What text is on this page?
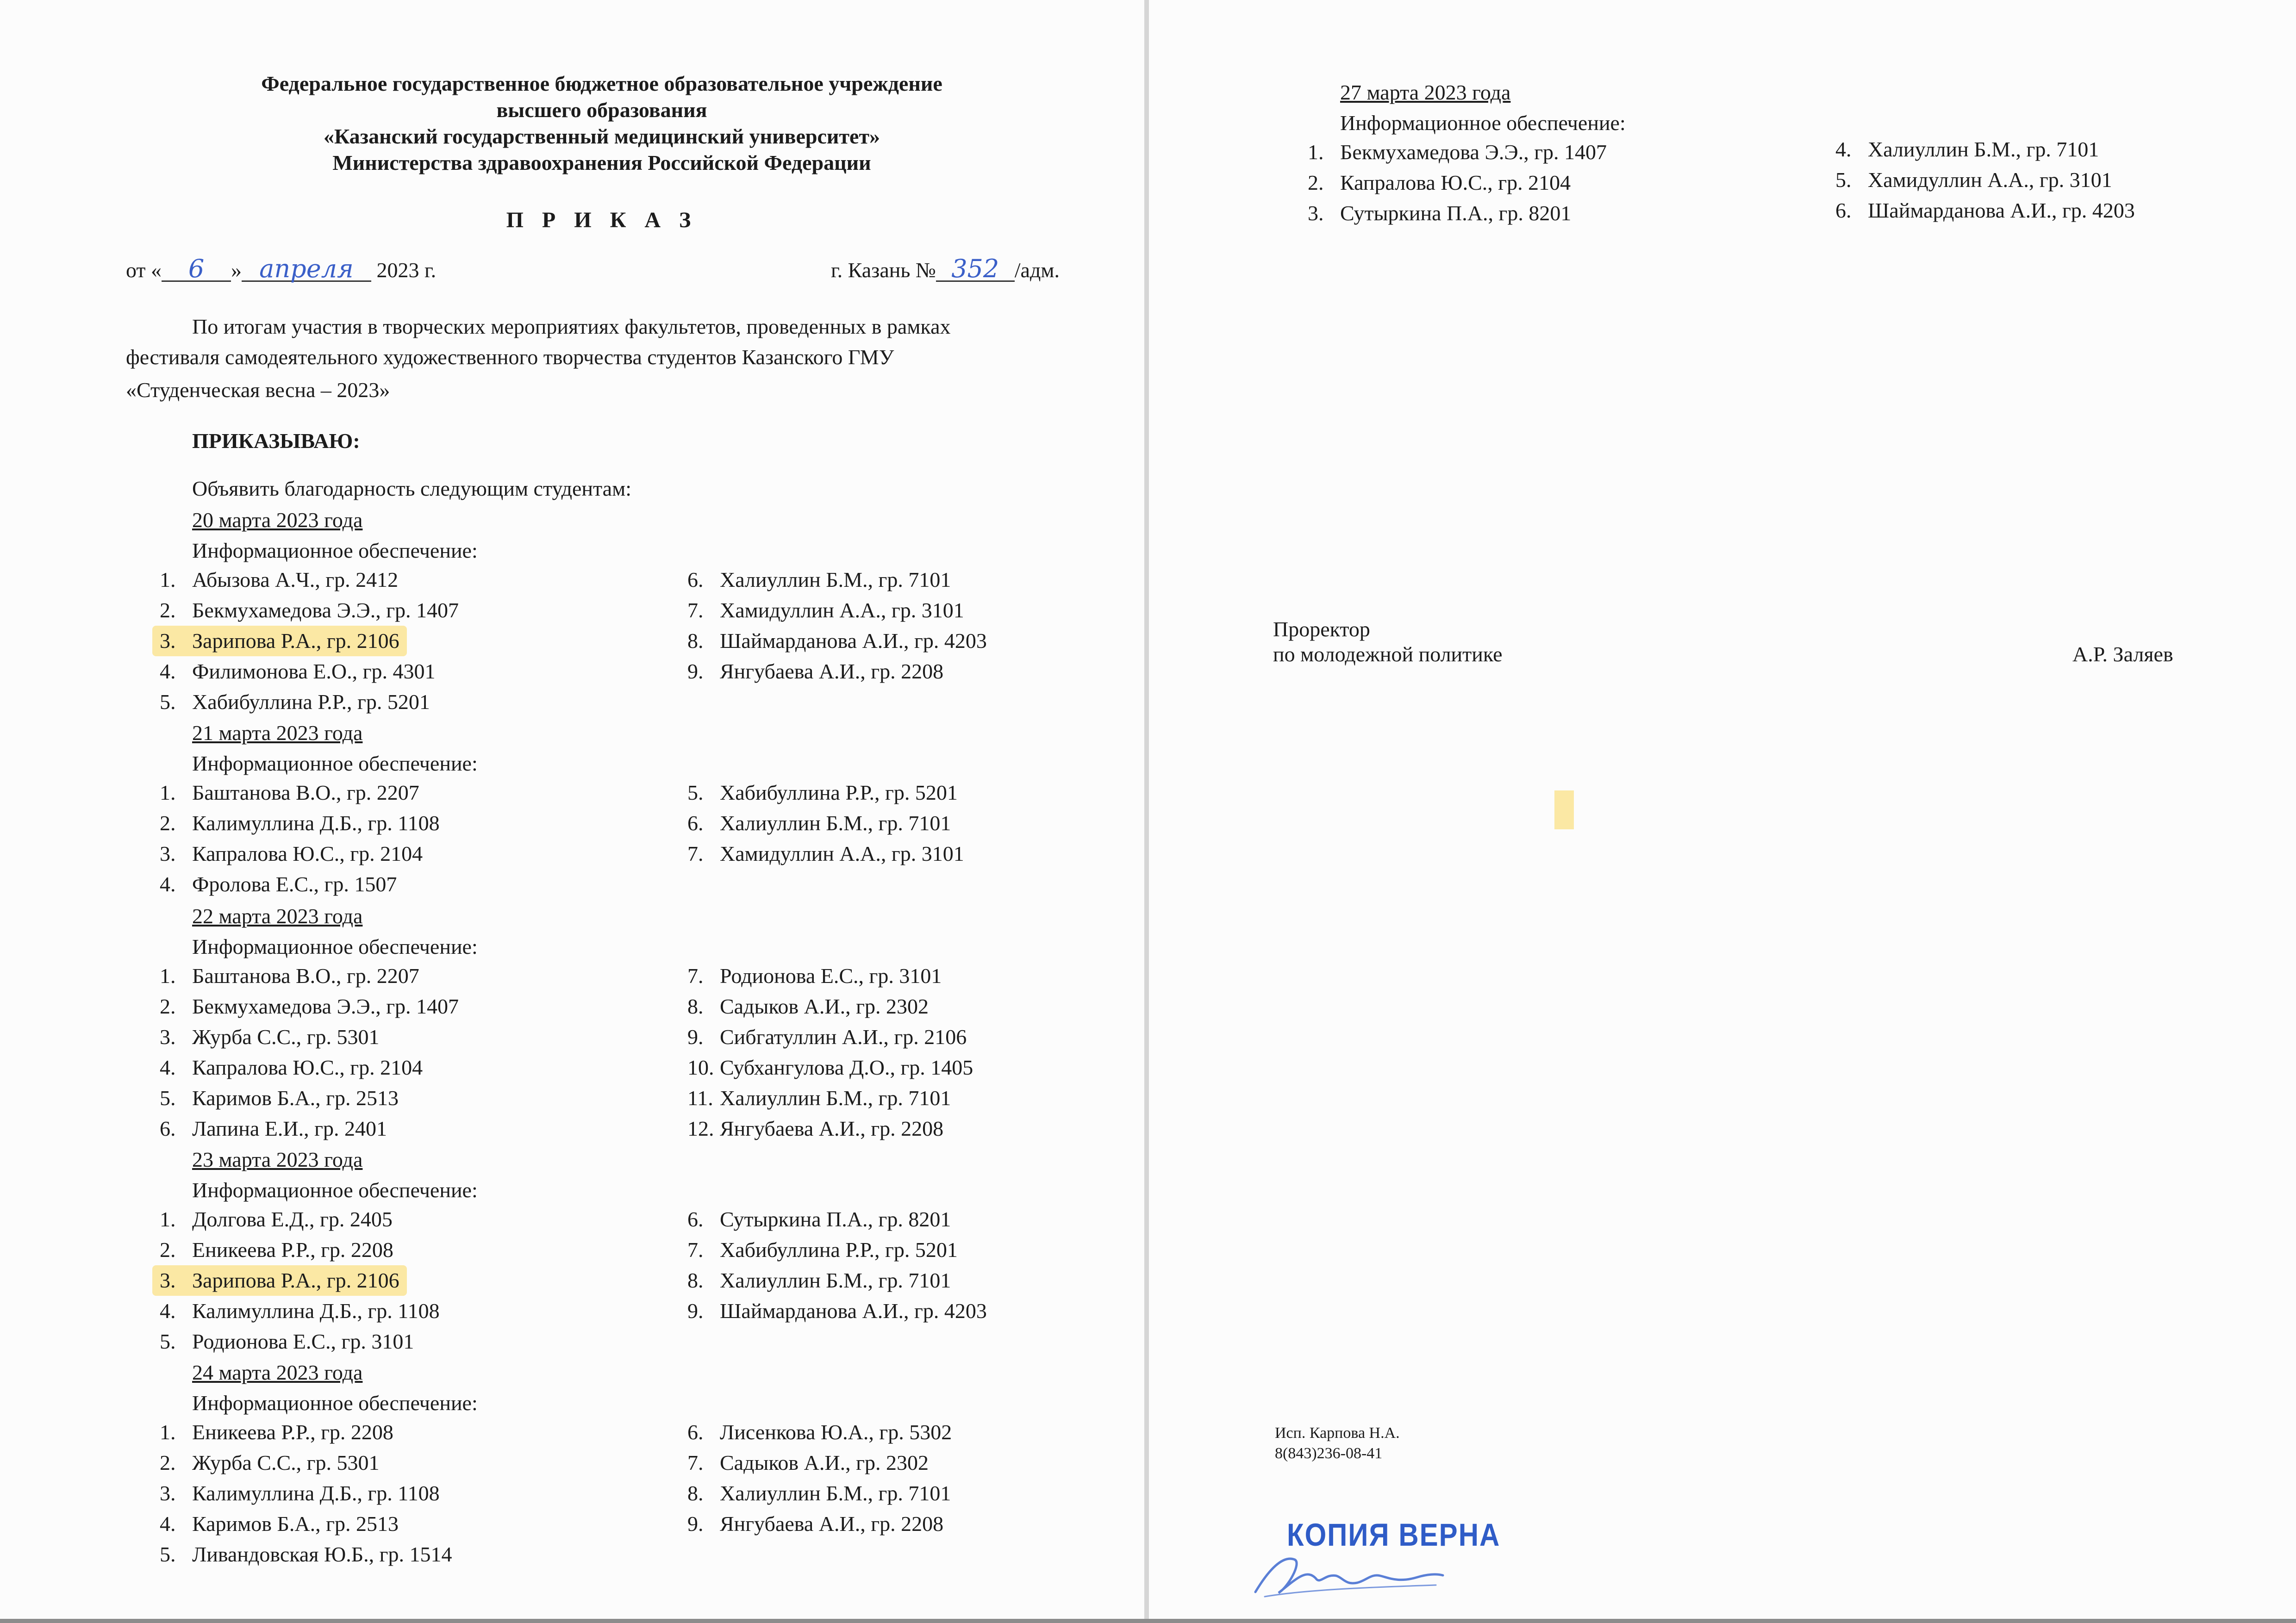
Федеральное государственное бюджетное образовательное учреждение
высшего образования
«Казанский государственный медицинский университет»
Министерства здравоохранения Российской Федерации
П Р И К А З
от « 6 » апреля 2023 г.	г. Казань № 352 /адм.
По итогам участия в творческих мероприятиях факультетов, проведенных в рамках
фестиваля самодеятельного художественного творчества студентов Казанского ГМУ
«Студенческая весна – 2023»
ПРИКАЗЫВАЮ:
Объявить благодарность следующим студентам:
20 марта 2023 года
Информационное обеспечение:
1. Абызова А.Ч., гр. 2412
2. Бекмухамедова Э.Э., гр. 1407
3. Зарипова Р.А., гр. 2106
4. Филимонова Е.О., гр. 4301
5. Хабибуллина Р.Р., гр. 5201
6. Халиуллин Б.М., гр. 7101
7. Хамидуллин А.А., гр. 3101
8. Шаймарданова А.И., гр. 4203
9. Янгубаева А.И., гр. 2208
21 марта 2023 года
Информационное обеспечение:
1. Баштанова В.О., гр. 2207
2. Калимуллина Д.Б., гр. 1108
3. Капралова Ю.С., гр. 2104
4. Фролова Е.С., гр. 1507
5. Хабибуллина Р.Р., гр. 5201
6. Халиуллин Б.М., гр. 7101
7. Хамидуллин А.А., гр. 3101
22 марта 2023 года
Информационное обеспечение:
1. Баштанова В.О., гр. 2207
2. Бекмухамедова Э.Э., гр. 1407
3. Журба С.С., гр. 5301
4. Капралова Ю.С., гр. 2104
5. Каримов Б.А., гр. 2513
6. Лапина Е.И., гр. 2401
7. Родионова Е.С., гр. 3101
8. Садыков А.И., гр. 2302
9. Сибгатуллин А.И., гр. 2106
10. Субхангулова Д.О., гр. 1405
11. Халиуллин Б.М., гр. 7101
12. Янгубаева А.И., гр. 2208
23 марта 2023 года
Информационное обеспечение:
1. Долгова Е.Д., гр. 2405
2. Еникеева Р.Р., гр. 2208
3. Зарипова Р.А., гр. 2106
4. Калимуллина Д.Б., гр. 1108
5. Родионова Е.С., гр. 3101
6. Сутыркина П.А., гр. 8201
7. Хабибуллина Р.Р., гр. 5201
8. Халиуллин Б.М., гр. 7101
9. Шаймарданова А.И., гр. 4203
24 марта 2023 года
Информационное обеспечение:
1. Еникеева Р.Р., гр. 2208
2. Журба С.С., гр. 5301
3. Калимуллина Д.Б., гр. 1108
4. Каримов Б.А., гр. 2513
5. Ливандовская Ю.Б., гр. 1514
6. Лисенкова Ю.А., гр. 5302
7. Садыков А.И., гр. 2302
8. Халиуллин Б.М., гр. 7101
9. Янгубаева А.И., гр. 2208
27 марта 2023 года
Информационное обеспечение:
1. Бекмухамедова Э.Э., гр. 1407
2. Капралова Ю.С., гр. 2104
3. Сутыркина П.А., гр. 8201
4. Халиуллин Б.М., гр. 7101
5. Хамидуллин А.А., гр. 3101
6. Шаймарданова А.И., гр. 4203
Проректор
по молодежной политике	А.Р. Заляев
Исп. Карпова Н.А.
8(843)236-08-41
КОПИЯ ВЕРНА
